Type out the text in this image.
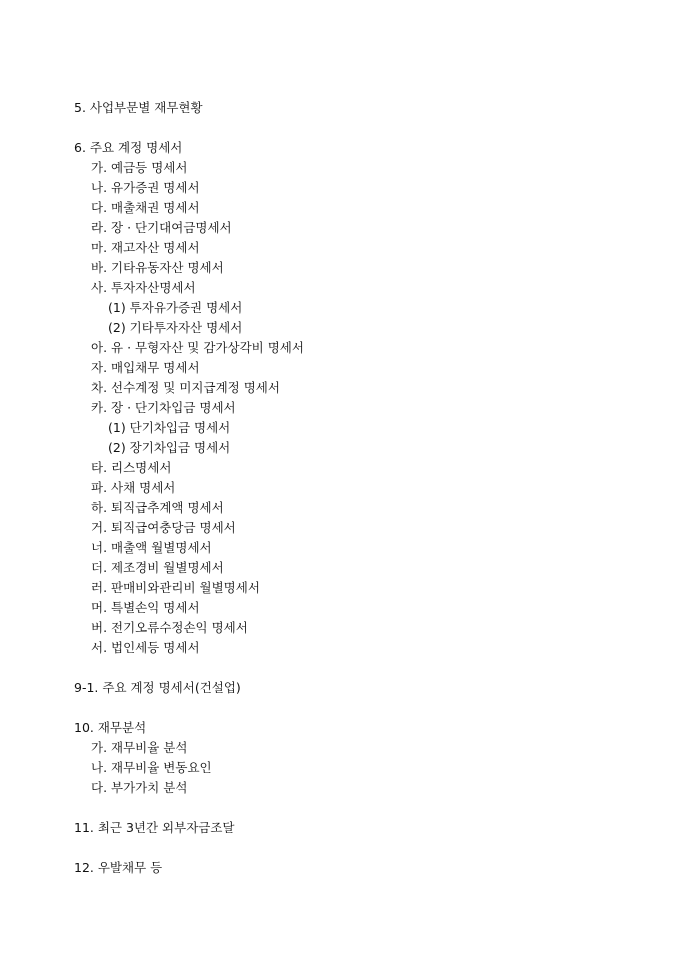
5. 사업부문별 재무현황
6. 주요 계정 명세서
가. 예금등 명세서
나. 유가증권 명세서
다. 매출채권 명세서
라. 장 · 단기대여금명세서
마. 재고자산 명세서
바. 기타유동자산 명세서
사. 투자자산명세서
(1) 투자유가증권 명세서
(2) 기타투자자산 명세서
아. 유 · 무형자산 및 감가상각비 명세서
자. 매입채무 명세서
차. 선수계정 및 미지급계정 명세서
카. 장 · 단기차입금 명세서
(1) 단기차입금 명세서
(2) 장기차입금 명세서
타. 리스명세서
파. 사채 명세서
하. 퇴직급추계액 명세서
거. 퇴직급여충당금 명세서
너. 매출액 월별명세서
더. 제조경비 월별명세서
러. 판매비와관리비 월별명세서
머. 특별손익 명세서
버. 전기오류수정손익 명세서
서. 법인세등 명세서
9-1. 주요 계정 명세서(건설업)
10. 재무분석
가. 재무비율 분석
나. 재무비율 변동요인
다. 부가가치 분석
11. 최근 3년간 외부자금조달
12. 우발채무 등
